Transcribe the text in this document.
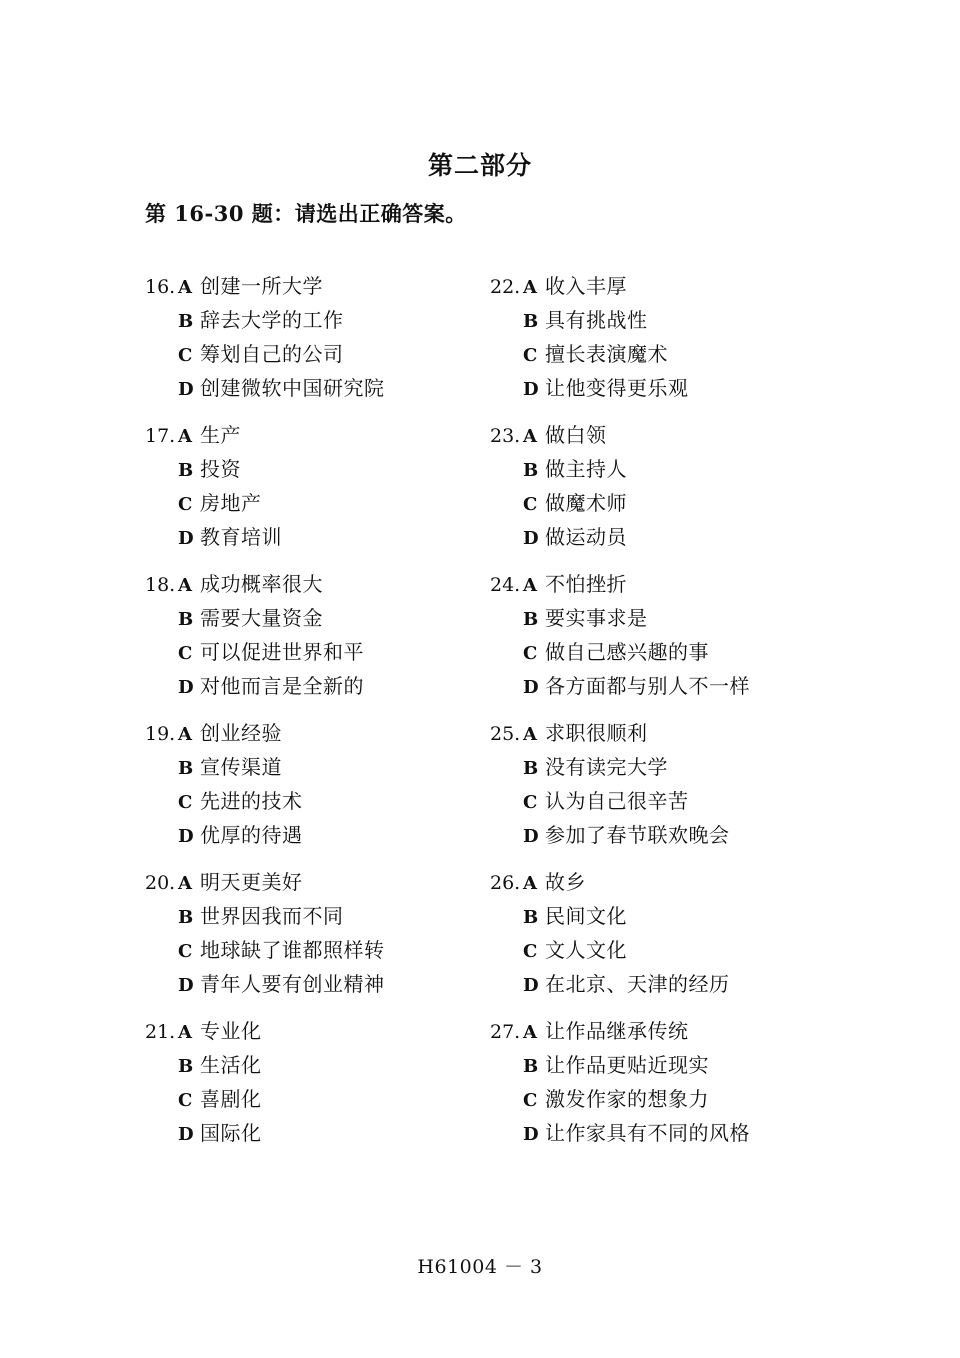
第二部分
第 16-30 题：请选出正确答案。
16. A 创建一所大学
B 辞去大学的工作
C 筹划自己的公司
D 创建微软中国研究院
17. A 生产
B 投资
C 房地产
D 教育培训
18. A 成功概率很大
B 需要大量资金
C 可以促进世界和平
D 对他而言是全新的
19. A 创业经验
B 宣传渠道
C 先进的技术
D 优厚的待遇
20. A 明天更美好
B 世界因我而不同
C 地球缺了谁都照样转
D 青年人要有创业精神
21. A 专业化
B 生活化
C 喜剧化
D 国际化
22. A 收入丰厚
B 具有挑战性
C 擅长表演魔术
D 让他变得更乐观
23. A 做白领
B 做主持人
C 做魔术师
D 做运动员
24. A 不怕挫折
B 要实事求是
C 做自己感兴趣的事
D 各方面都与别人不一样
25. A 求职很顺利
B 没有读完大学
C 认为自己很辛苦
D 参加了春节联欢晚会
26. A 故乡
B 民间文化
C 文人文化
D 在北京、天津的经历
27. A 让作品继承传统
B 让作品更贴近现实
C 激发作家的想象力
D 让作家具有不同的风格
H61004 － 3
